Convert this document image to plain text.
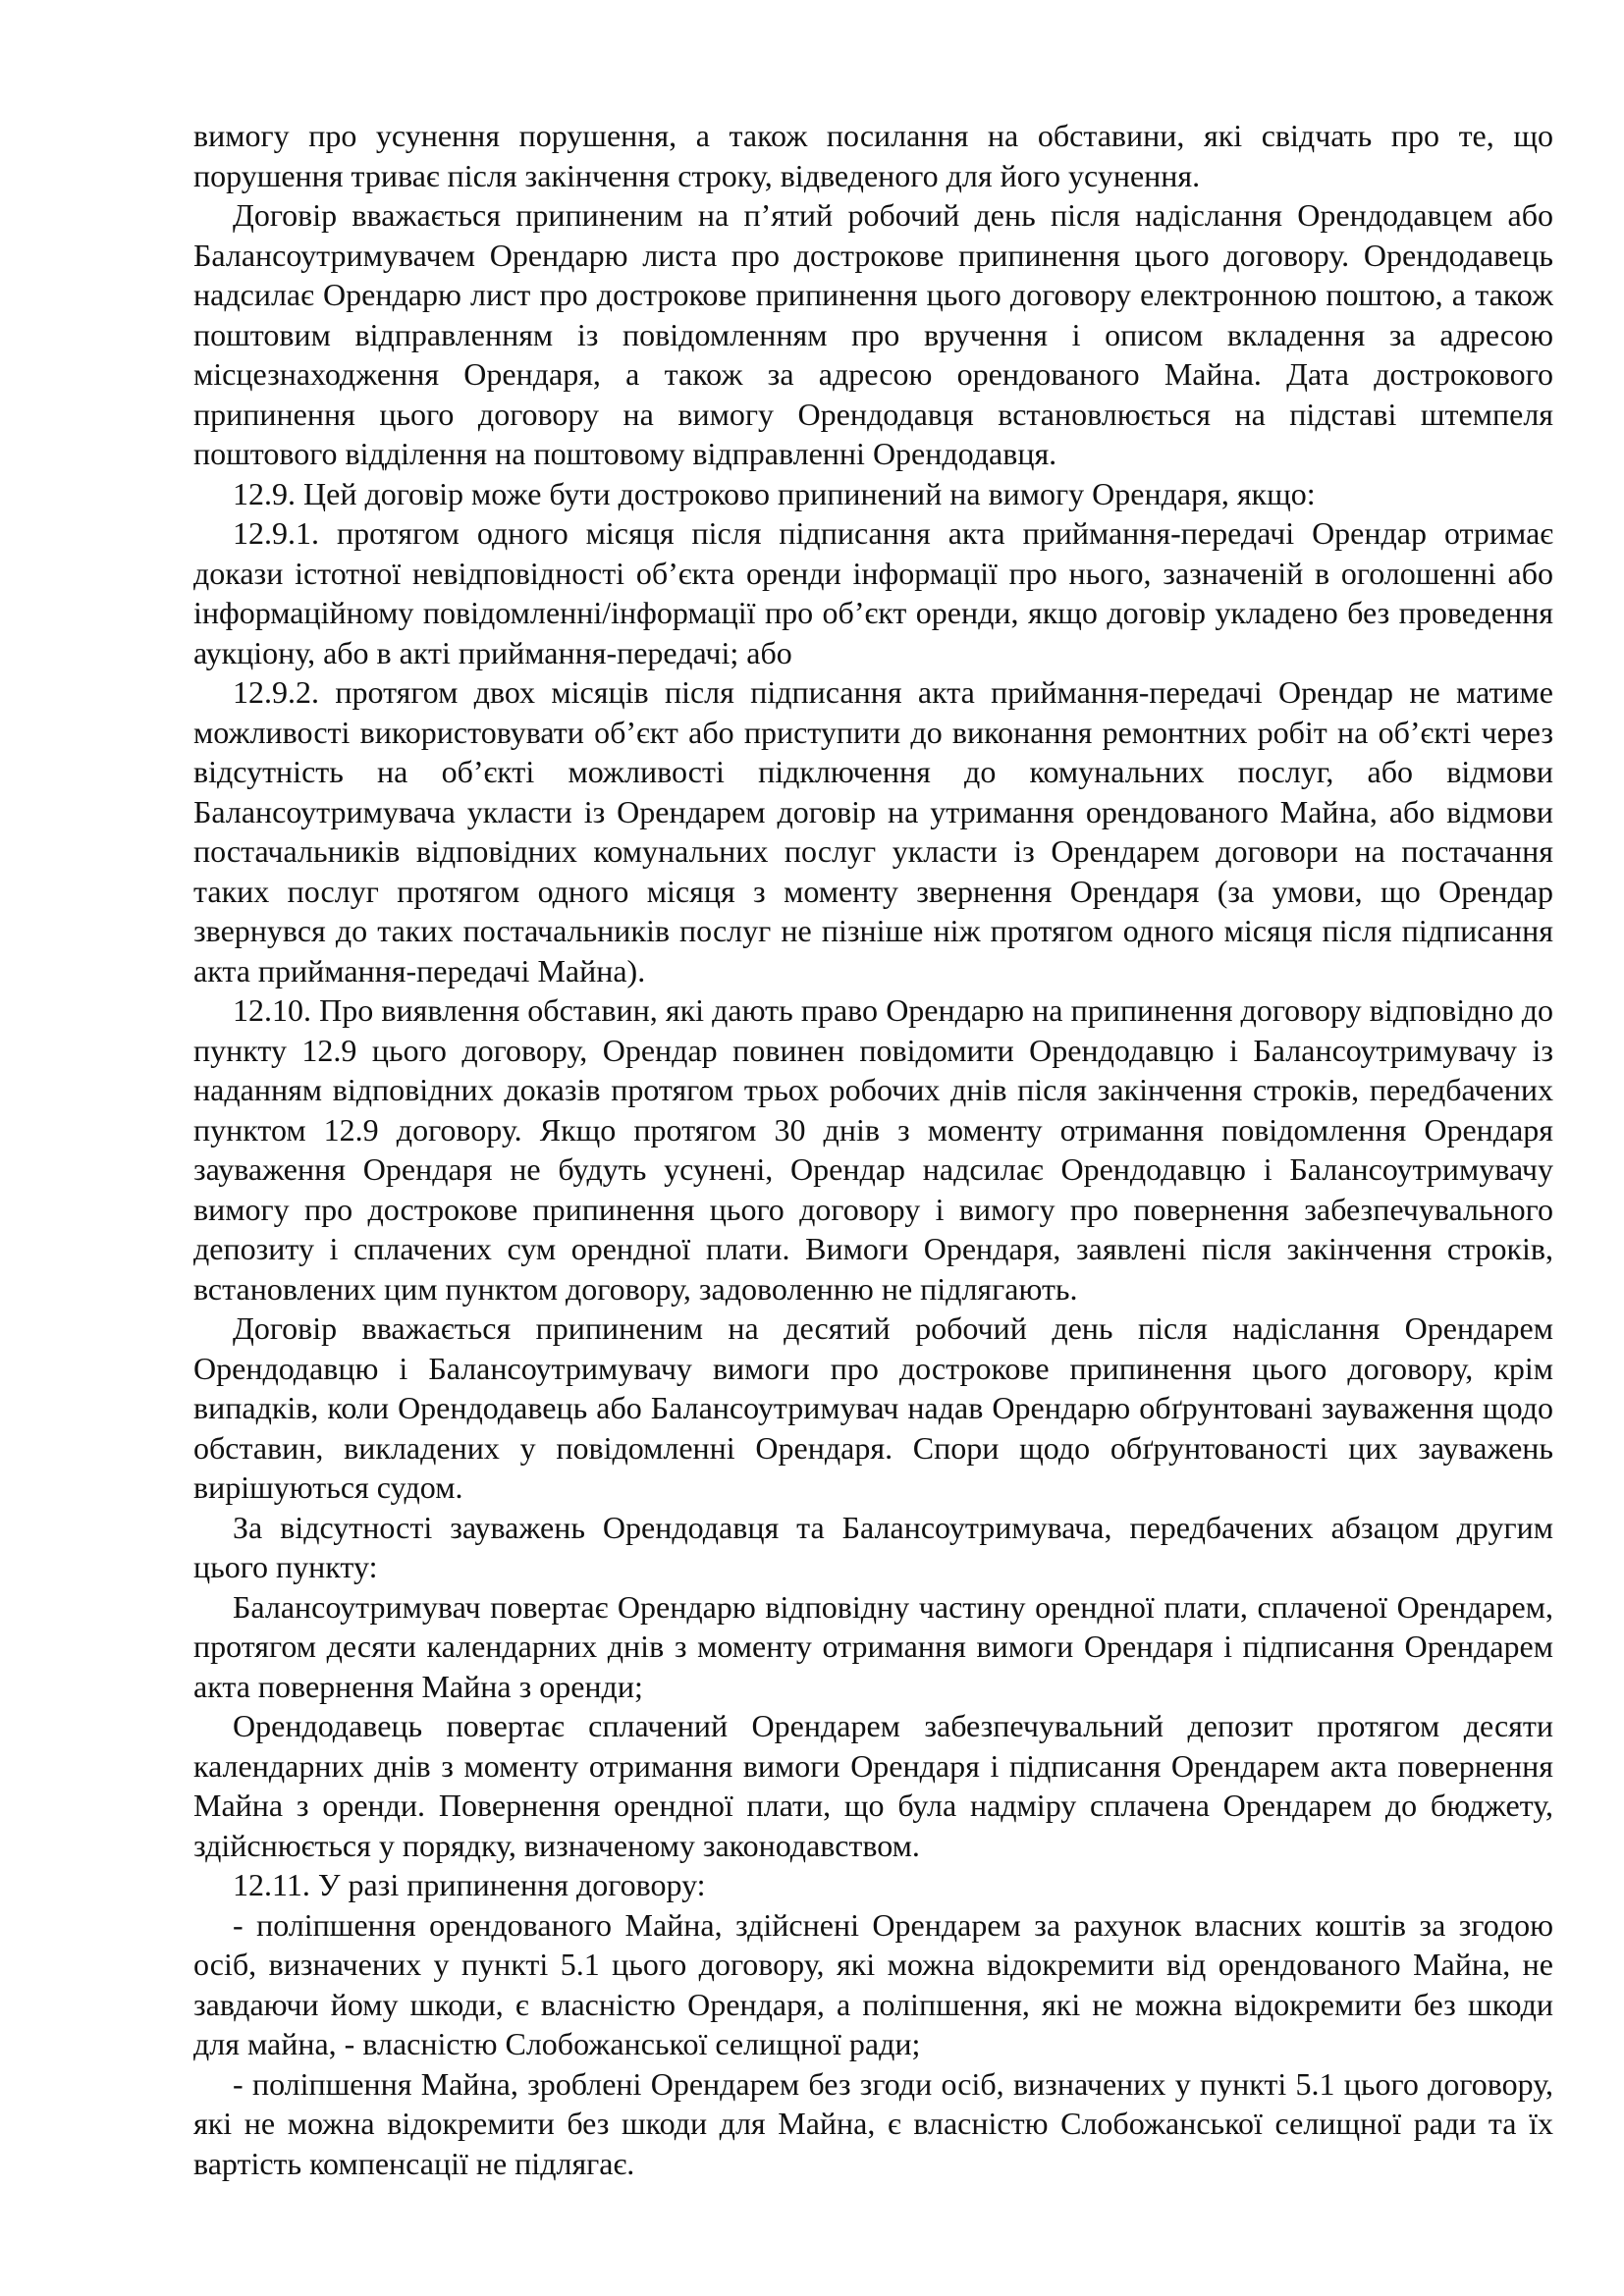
вимогу про усунення порушення, а також посилання на обставини, які свідчать про те, що порушення триває після закінчення строку, відведеного для його усунення.

Договір вважається припиненим на п’ятий робочий день після надіслання Орендодавцем або Балансоутримувачем Орендарю листа про дострокове припинення цього договору. Орендодавець надсилає Орендарю лист про дострокове припинення цього договору електронною поштою, а також поштовим відправленням із повідомленням про вручення і описом вкладення за адресою місцезнаходження Орендаря, а також за адресою орендованого Майна. Дата дострокового припинення цього договору на вимогу Орендодавця встановлюється на підставі штемпеля поштового відділення на поштовому відправленні Орендодавця.

12.9. Цей договір може бути достроково припинений на вимогу Орендаря, якщо:

12.9.1. протягом одного місяця після підписання акта приймання-передачі Орендар отримає докази істотної невідповідності об’єкта оренди інформації про нього, зазначеній в оголошенні або інформаційному повідомленні/інформації про об’єкт оренди, якщо договір укладено без проведення аукціону, або в акті приймання-передачі; або

12.9.2. протягом двох місяців після підписання акта приймання-передачі Орендар не матиме можливості використовувати об’єкт або приступити до виконання ремонтних робіт на об’єкті через відсутність на об’єкті можливості підключення до комунальних послуг, або відмови Балансоутримувача укласти із Орендарем договір на утримання орендованого Майна, або відмови постачальників відповідних комунальних послуг укласти із Орендарем договори на постачання таких послуг протягом одного місяця з моменту звернення Орендаря (за умови, що Орендар звернувся до таких постачальників послуг не пізніше ніж протягом одного місяця після підписання акта приймання-передачі Майна).

12.10. Про виявлення обставин, які дають право Орендарю на припинення договору відповідно до пункту 12.9 цього договору, Орендар повинен повідомити Орендодавцю і Балансоутримувачу із наданням відповідних доказів протягом трьох робочих днів після закінчення строків, передбачених пунктом 12.9 договору. Якщо протягом 30 днів з моменту отримання повідомлення Орендаря зауваження Орендаря не будуть усунені, Орендар надсилає Орендодавцю і Балансоутримувачу вимогу про дострокове припинення цього договору і вимогу про повернення забезпечувального депозиту і сплачених сум орендної плати. Вимоги Орендаря, заявлені після закінчення строків, встановлених цим пунктом договору, задоволенню не підлягають.

Договір вважається припиненим на десятий робочий день після надіслання Орендарем Орендодавцю і Балансоутримувачу вимоги про дострокове припинення цього договору, крім випадків, коли Орендодавець або Балансоутримувач надав Орендарю обґрунтовані зауваження щодо обставин, викладених у повідомленні Орендаря. Спори щодо обґрунтованості цих зауважень вирішуються судом.

За відсутності зауважень Орендодавця та Балансоутримувача, передбачених абзацом другим цього пункту:

Балансоутримувач повертає Орендарю відповідну частину орендної плати, сплаченої Орендарем, протягом десяти календарних днів з моменту отримання вимоги Орендаря і підписання Орендарем акта повернення Майна з оренди;

Орендодавець повертає сплачений Орендарем забезпечувальний депозит протягом десяти календарних днів з моменту отримання вимоги Орендаря і підписання Орендарем акта повернення Майна з оренди. Повернення орендної плати, що була надміру сплачена Орендарем до бюджету, здійснюється у порядку, визначеному законодавством.

12.11. У разі припинення договору:

- поліпшення орендованого Майна, здійснені Орендарем за рахунок власних коштів за згодою осіб, визначених у пункті 5.1 цього договору, які можна відокремити від орендованого Майна, не завдаючи йому шкоди, є власністю Орендаря, а поліпшення, які не можна відокремити без шкоди для майна, - власністю Слобожанської селищної ради;

- поліпшення Майна, зроблені Орендарем без згоди осіб, визначених у пункті 5.1 цього договору, які не можна відокремити без шкоди для Майна, є власністю Слобожанської селищної ради та їх вартість компенсації не підлягає.
